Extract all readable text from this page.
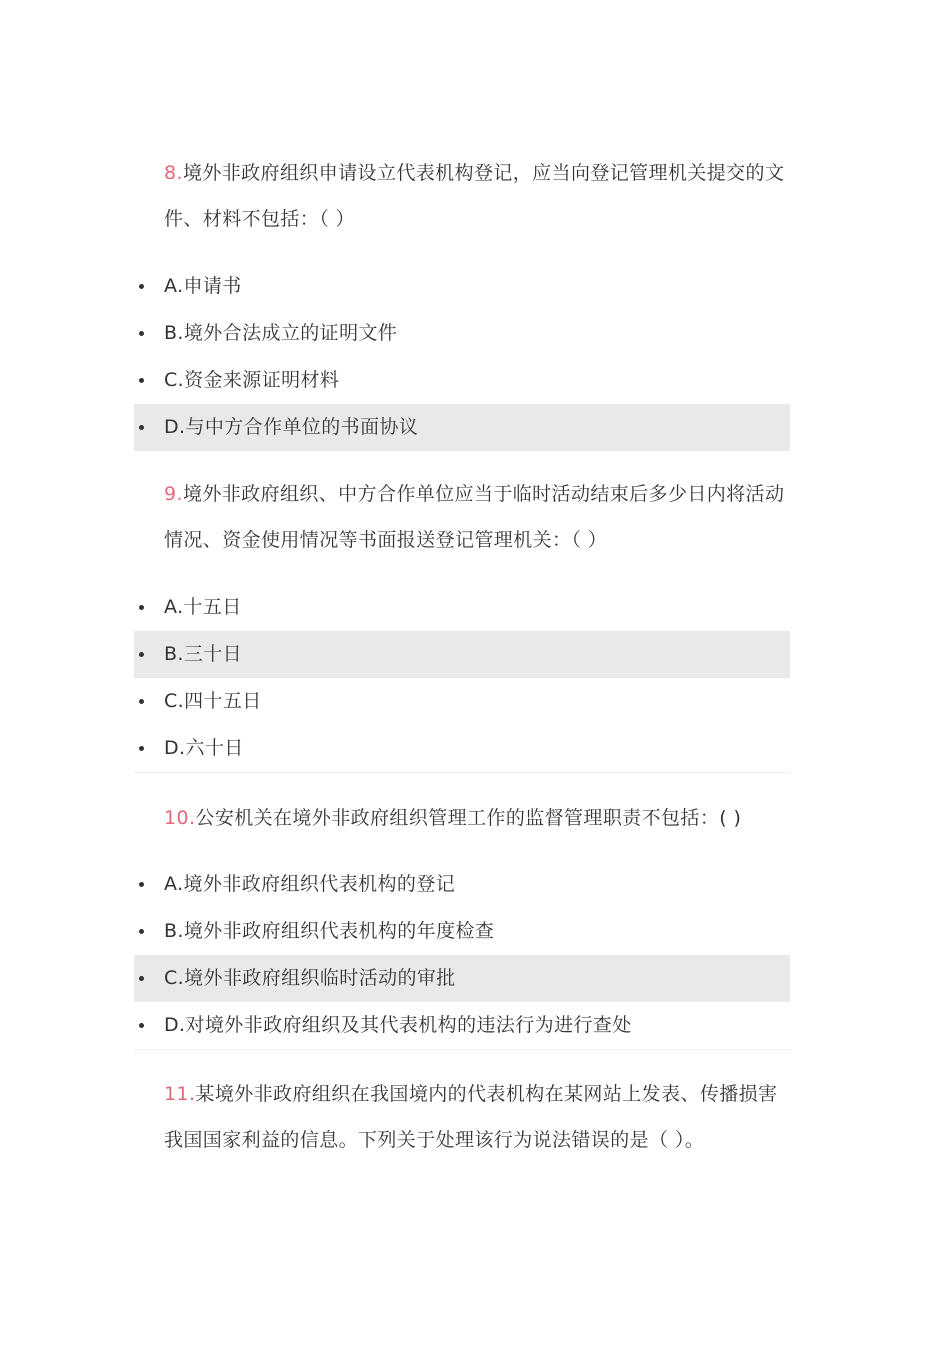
8.境外非政府组织申请设立代表机构登记，应当向登记管理机关提交的文件、材料不包括：（ ）
A.申请书
B.境外合法成立的证明文件
C.资金来源证明材料
D.与中方合作单位的书面协议
9.境外非政府组织、中方合作单位应当于临时活动结束后多少日内将活动情况、资金使用情况等书面报送登记管理机关：（ ）
A.十五日
B.三十日
C.四十五日
D.六十日
10.公安机关在境外非政府组织管理工作的监督管理职责不包括：( )
A.境外非政府组织代表机构的登记
B.境外非政府组织代表机构的年度检查
C.境外非政府组织临时活动的审批
D.对境外非政府组织及其代表机构的违法行为进行查处
11.某境外非政府组织在我国境内的代表机构在某网站上发表、传播损害我国国家利益的信息。下列关于处理该行为说法错误的是（ ）。
